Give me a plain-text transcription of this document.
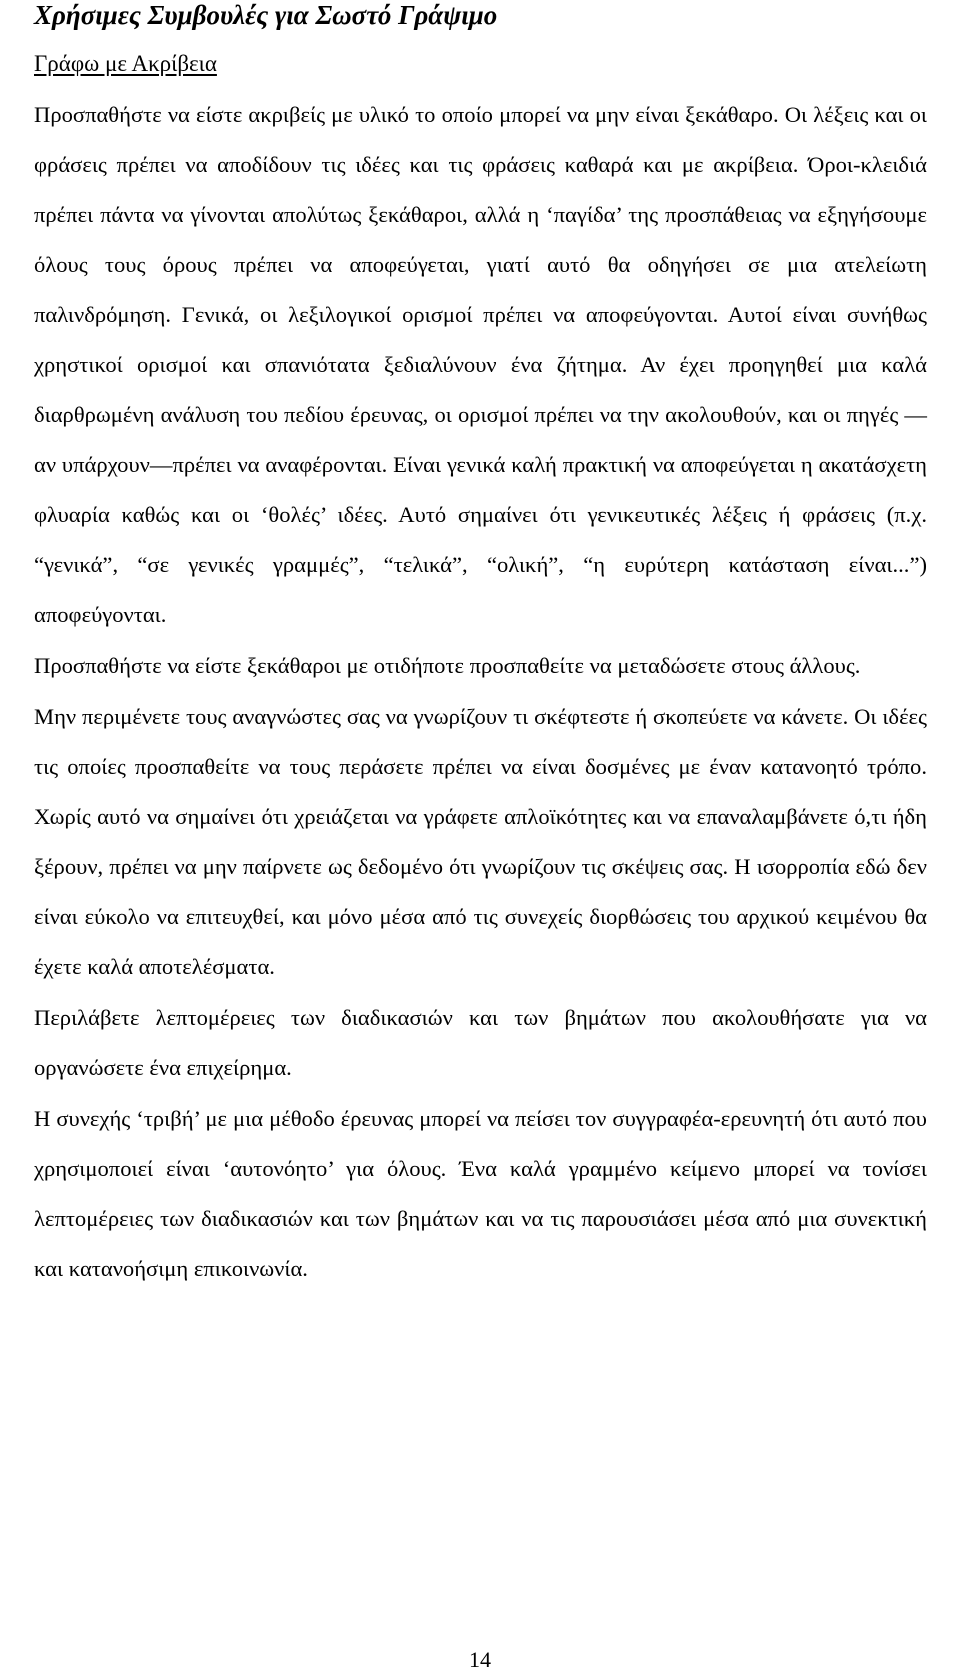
Χρήσιμες Συμβουλές για Σωστό Γράψιμο
Γράφω με Ακρίβεια

Προσπαθήστε να είστε ακριβείς με υλικό το οποίο μπορεί να μην είναι ξεκάθαρο. Οι λέξεις και οι φράσεις πρέπει να αποδίδουν τις ιδέες και τις φράσεις καθαρά και με ακρίβεια. Όροι-κλειδιά πρέπει πάντα να γίνονται απολύτως ξεκάθαροι, αλλά η ‘παγίδα’ της προσπάθειας να εξηγήσουμε όλους τους όρους πρέπει να αποφεύγεται, γιατί αυτό θα οδηγήσει σε μια ατελείωτη παλινδρόμηση. Γενικά, οι λεξιλογικοί ορισμοί πρέπει να αποφεύγονται. Αυτοί είναι συνήθως χρηστικοί ορισμοί και σπανιότατα ξεδιαλύνουν ένα ζήτημα. Αν έχει προηγηθεί μια καλά διαρθρωμένη ανάλυση του πεδίου έρευνας, οι ορισμοί πρέπει να την ακολουθούν, και οι πηγές —αν υπάρχουν—πρέπει να αναφέρονται. Είναι γενικά καλή πρακτική να αποφεύγεται η ακατάσχετη φλυαρία καθώς και οι ‘θολές’ ιδέες. Αυτό σημαίνει ότι γενικευτικές λέξεις ή φράσεις (π.χ. “γενικά”, “σε γενικές γραμμές”, “τελικά”, “ολική”, “η ευρύτερη κατάσταση είναι...”) αποφεύγονται.

Προσπαθήστε να είστε ξεκάθαροι με οτιδήποτε προσπαθείτε να μεταδώσετε στους άλλους.

Μην περιμένετε τους αναγνώστες σας να γνωρίζουν τι σκέφτεστε ή σκοπεύετε να κάνετε. Οι ιδέες τις οποίες προσπαθείτε να τους περάσετε πρέπει να είναι δοσμένες με έναν κατανοητό τρόπο. Χωρίς αυτό να σημαίνει ότι χρειάζεται να γράφετε απλοϊκότητες και να επαναλαμβάνετε ό,τι ήδη ξέρουν, πρέπει να μην παίρνετε ως δεδομένο ότι γνωρίζουν τις σκέψεις σας. Η ισορροπία εδώ δεν είναι εύκολο να επιτευχθεί, και μόνο μέσα από τις συνεχείς διορθώσεις του αρχικού κειμένου θα έχετε καλά αποτελέσματα.

Περιλάβετε λεπτομέρειες των διαδικασιών και των βημάτων που ακολουθήσατε για να οργανώσετε ένα επιχείρημα.

Η συνεχής ‘τριβή’ με μια μέθοδο έρευνας μπορεί να πείσει τον συγγραφέα-ερευνητή ότι αυτό που χρησιμοποιεί είναι ‘αυτονόητο’ για όλους. Ένα καλά γραμμένο κείμενο μπορεί να τονίσει λεπτομέρειες των διαδικασιών και των βημάτων και να τις παρουσιάσει μέσα από μια συνεκτική και κατανοήσιμη επικοινωνία.

14
